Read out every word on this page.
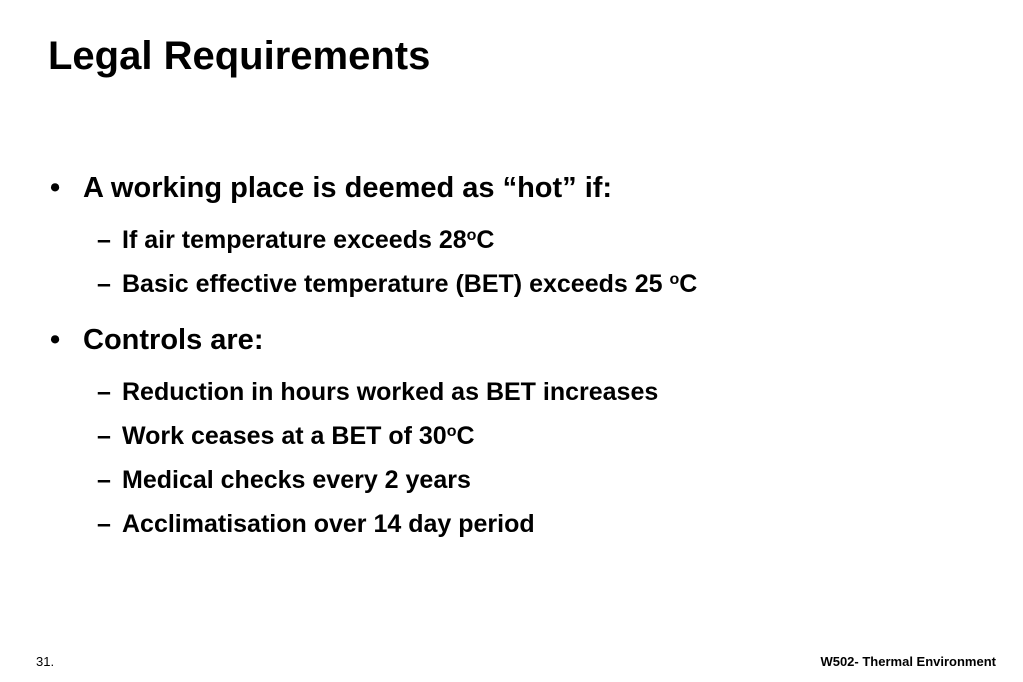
Legal Requirements
• A working place is deemed as “hot” if:
– If air temperature exceeds 28$^o$C
– Basic effective temperature (BET) exceeds 25 $^o$C
• Controls are:
– Reduction in hours worked as BET increases
– Work ceases at a BET of 30$^o$C
– Medical checks every 2 years
– Acclimatisation over 14 day period
31.	W502- Thermal Environment
